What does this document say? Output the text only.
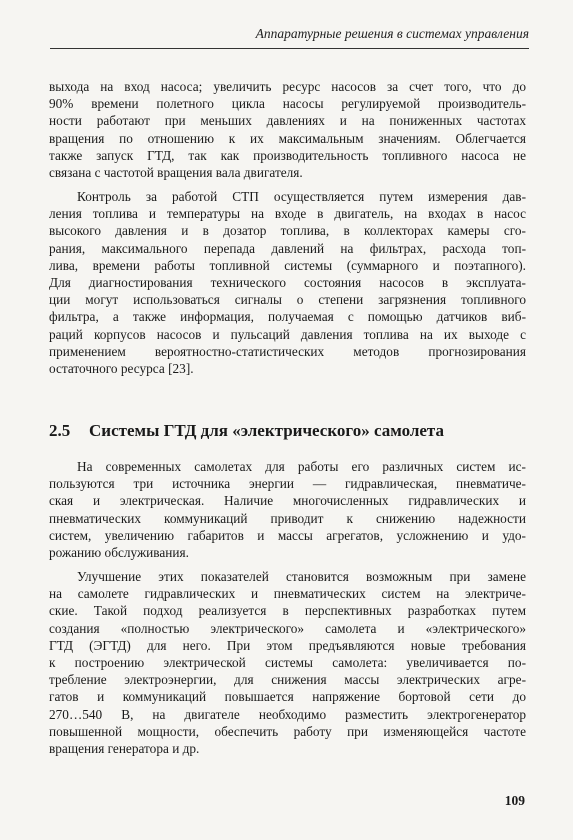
Аппаратурные решения в системах управления
выхода на вход насоса; увеличить ресурс насосов за счет того, что до
90% времени полетного цикла насосы регулируемой производитель-
ности работают при меньших давлениях и на пониженных частотах
вращения по отношению к их максимальным значениям. Облегчается
также запуск ГТД, так как производительность топливного насоса не
связана с частотой вращения вала двигателя.
Контроль за работой СТП осуществляется путем измерения дав-
ления топлива и температуры на входе в двигатель, на входах в насос
высокого давления и в дозатор топлива, в коллекторах камеры сго-
рания, максимального перепада давлений на фильтрах, расхода топ-
лива, времени работы топливной системы (суммарного и поэтапного).
Для диагностирования технического состояния насосов в эксплуата-
ции могут использоваться сигналы о степени загрязнения топливного
фильтра, а также информация, получаемая с помощью датчиков виб-
раций корпусов насосов и пульсаций давления топлива на их выходе с
применением вероятностно-статистических методов прогнозирования
остаточного ресурса [23].
2.5 Системы ГТД для «электрического» самолета
На современных самолетах для работы его различных систем ис-
пользуются три источника энергии — гидравлическая, пневматиче-
ская и электрическая. Наличие многочисленных гидравлических и
пневматических коммуникаций приводит к снижению надежности
систем, увеличению габаритов и массы агрегатов, усложнению и удо-
рожанию обслуживания.
Улучшение этих показателей становится возможным при замене
на самолете гидравлических и пневматических систем на электриче-
ские. Такой подход реализуется в перспективных разработках путем
создания «полностью электрического» самолета и «электрического»
ГТД (ЭГТД) для него. При этом предъявляются новые требования
к построению электрической системы самолета: увеличивается по-
требление электроэнергии, для снижения массы электрических агре-
гатов и коммуникаций повышается напряжение бортовой сети до
270…540 В, на двигателе необходимо разместить электрогенератор
повышенной мощности, обеспечить работу при изменяющейся частоте
вращения генератора и др.
109
